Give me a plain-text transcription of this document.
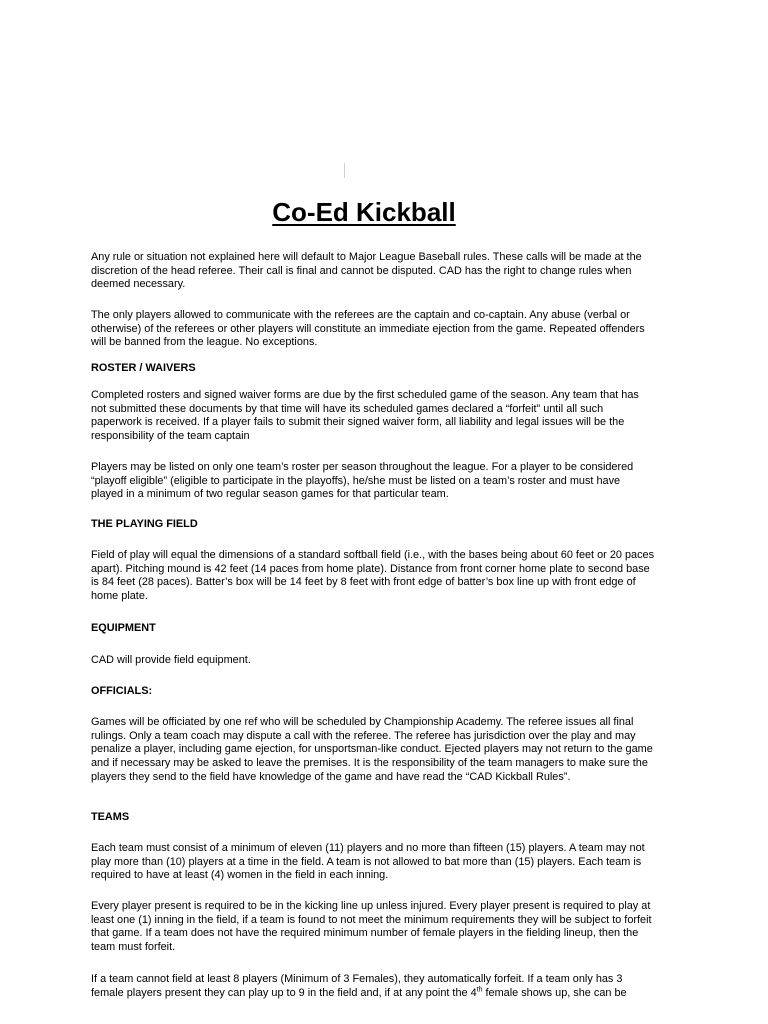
Co-Ed Kickball

Any rule or situation not explained here will default to Major League Baseball rules. These calls will be made at the
discretion of the head referee. Their call is final and cannot be disputed. CAD has the right to change rules when
deemed necessary.

The only players allowed to communicate with the referees are the captain and co-captain. Any abuse (verbal or
otherwise) of the referees or other players will constitute an immediate ejection from the game. Repeated offenders
will be banned from the league. No exceptions.

ROSTER / WAIVERS

Completed rosters and signed waiver forms are due by the first scheduled game of the season. Any team that has
not submitted these documents by that time will have its scheduled games declared a “forfeit” until all such
paperwork is received. If a player fails to submit their signed waiver form, all liability and legal issues will be the
responsibility of the team captain

Players may be listed on only one team’s roster per season throughout the league. For a player to be considered
“playoff eligible” (eligible to participate in the playoffs), he/she must be listed on a team’s roster and must have
played in a minimum of two regular season games for that particular team.

THE PLAYING FIELD

Field of play will equal the dimensions of a standard softball field (i.e., with the bases being about 60 feet or 20 paces
apart). Pitching mound is 42 feet (14 paces from home plate). Distance from front corner home plate to second base
is 84 feet (28 paces). Batter’s box will be 14 feet by 8 feet with front edge of batter’s box line up with front edge of
home plate.

EQUIPMENT

CAD will provide field equipment.

OFFICIALS:

Games will be officiated by one ref who will be scheduled by Championship Academy. The referee issues all final
rulings. Only a team coach may dispute a call with the referee. The referee has jurisdiction over the play and may
penalize a player, including game ejection, for unsportsman-like conduct. Ejected players may not return to the game
and if necessary may be asked to leave the premises. It is the responsibility of the team managers to make sure the
players they send to the field have knowledge of the game and have read the “CAD Kickball Rules”.

TEAMS

Each team must consist of a minimum of eleven (11) players and no more than fifteen (15) players. A team may not
play more than (10) players at a time in the field. A team is not allowed to bat more than (15) players. Each team is
required to have at least (4) women in the field in each inning.

Every player present is required to be in the kicking line up unless injured. Every player present is required to play at
least one (1) inning in the field, if a team is found to not meet the minimum requirements they will be subject to forfeit
that game. If a team does not have the required minimum number of female players in the fielding lineup, then the
team must forfeit.

If a team cannot field at least 8 players (Minimum of 3 Females), they automatically forfeit. If a team only has 3
female players present they can play up to 9 in the field and, if at any point the 4th female shows up, she can be
